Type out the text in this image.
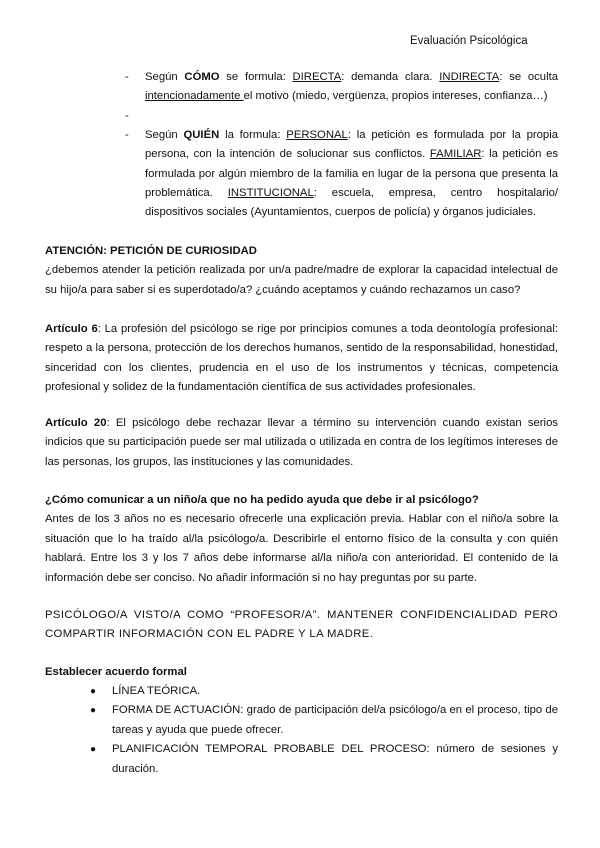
Evaluación Psicológica
- Según CÓMO se formula: DIRECTA: demanda clara. INDIRECTA: se oculta intencionadamente el motivo (miedo, vergüenza, propios intereses, confianza…)
-
- Según QUIÉN la formula: PERSONAL: la petición es formulada por la propia persona, con la intención de solucionar sus conflictos. FAMILIAR: la petición es formulada por algún miembro de la familia en lugar de la persona que presenta la problemática. INSTITUCIONAL: escuela, empresa, centro hospitalario/ dispositivos sociales (Ayuntamientos, cuerpos de policía) y órganos judiciales.
ATENCIÓN: PETICIÓN DE CURIOSIDAD
¿debemos atender la petición realizada por un/a padre/madre de explorar la capacidad intelectual de su hijo/a para saber si es superdotado/a? ¿cuándo aceptamos y cuándo rechazamos un caso?
Artículo 6: La profesión del psicólogo se rige por principios comunes a toda deontología profesional: respeto a la persona, protección de los derechos humanos, sentido de la responsabilidad, honestidad, sinceridad con los clientes, prudencia en el uso de los instrumentos y técnicas, competencia profesional y solidez de la fundamentación científica de sus actividades profesionales.
Artículo 20: El psicólogo debe rechazar llevar a término su intervención cuando existan serios indicios que su participación puede ser mal utilizada o utilizada en contra de los legítimos intereses de las personas, los grupos, las instituciones y las comunidades.
¿Cómo comunicar a un niño/a que no ha pedido ayuda que debe ir al psicólogo?
Antes de los 3 años no es necesario ofrecerle una explicación previa. Hablar con el niño/a sobre la situación que lo ha traído al/la psicólogo/a. Describirle el entorno físico de la consulta y con quién hablará. Entre los 3 y los 7 años debe informarse al/la niño/a con anterioridad. El contenido de la información debe ser conciso. No añadir información si no hay preguntas por su parte.
PSICÓLOGO/A VISTO/A COMO “PROFESOR/A”. MANTENER CONFIDENCIALIDAD PERO COMPARTIR INFORMACIÓN CON EL PADRE Y LA MADRE.
Establecer acuerdo formal
● LÍNEA TEÓRICA.
● FORMA DE ACTUACIÓN: grado de participación del/a psicólogo/a en el proceso, tipo de tareas y ayuda que puede ofrecer.
● PLANIFICACIÓN TEMPORAL PROBABLE DEL PROCESO: número de sesiones y duración.
